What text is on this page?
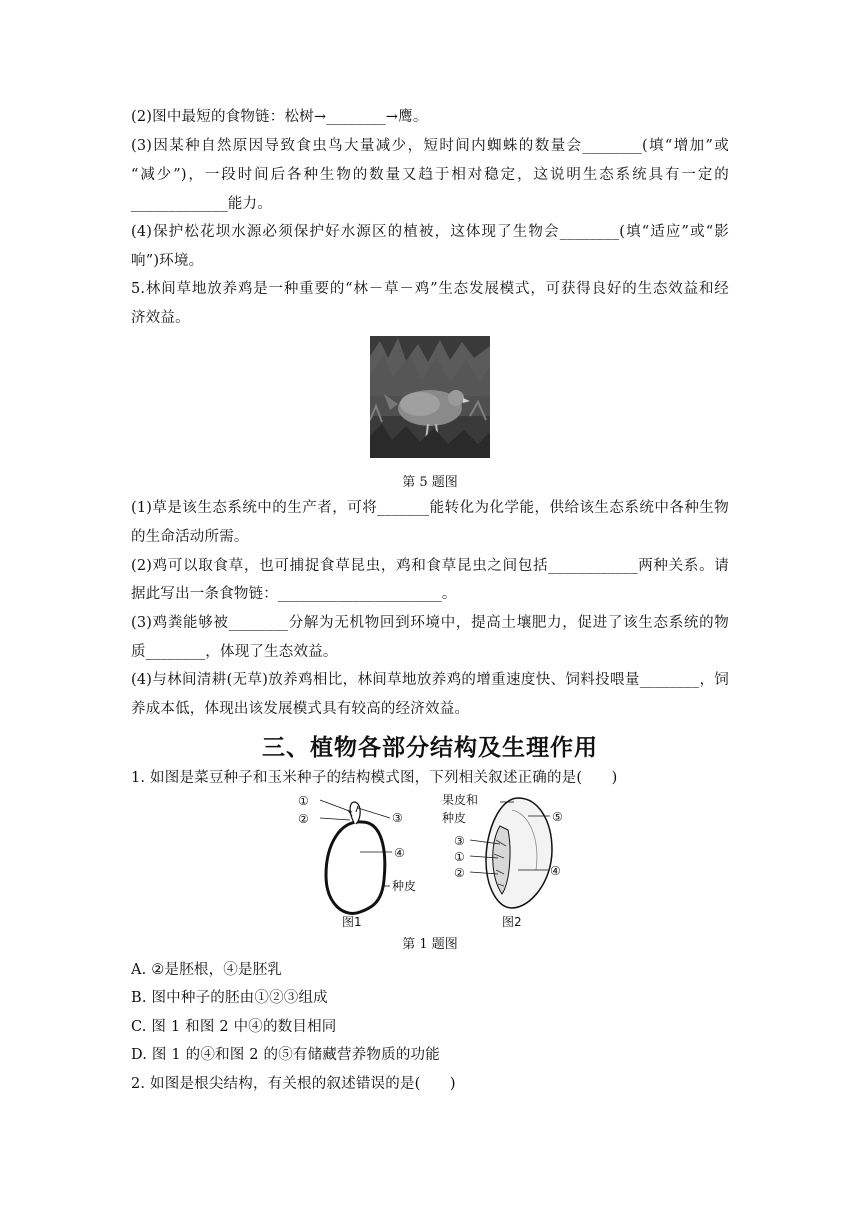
(2)图中最短的食物链：松树→________→鹰。
(3)因某种自然原因导致食虫鸟大量减少，短时间内蜘蛛的数量会________(填“增加”或
“减少”)，一段时间后各种生物的数量又趋于相对稳定，这说明生态系统具有一定的
_____________能力。
(4)保护松花坝水源必须保护好水源区的植被，这体现了生物会________(填“适应”或“影
响”)环境。
5.林间草地放养鸡是一种重要的“林－草－鸡”生态发展模式，可获得良好的生态效益和经
济效益。
第 5 题图
(1)草是该生态系统中的生产者，可将_______能转化为化学能，供给该生态系统中各种生物
的生命活动所需。
(2)鸡可以取食草，也可捕捉食草昆虫，鸡和食草昆虫之间包括____________两种关系。请
据此写出一条食物链：______________________。
(3)鸡粪能够被________分解为无机物回到环境中，提高土壤肥力，促进了该生态系统的物
质________，体现了生态效益。
(4)与林间清耕(无草)放养鸡相比，林间草地放养鸡的增重速度快、饲料投喂量________，饲
养成本低，体现出该发展模式具有较高的经济效益。
三、植物各部分结构及生理作用
1. 如图是菜豆种子和玉米种子的结构模式图，下列相关叙述正确的是(　　)
①
②	③
④
种皮
图1
果皮和
种皮
③
①
②
⑤
④
图2
第 1 题图
A. ②是胚根，④是胚乳
B. 图中种子的胚由①②③组成
C. 图 1 和图 2 中④的数目相同
D. 图 1 的④和图 2 的⑤有储藏营养物质的功能
2. 如图是根尖结构，有关根的叙述错误的是(　　)
